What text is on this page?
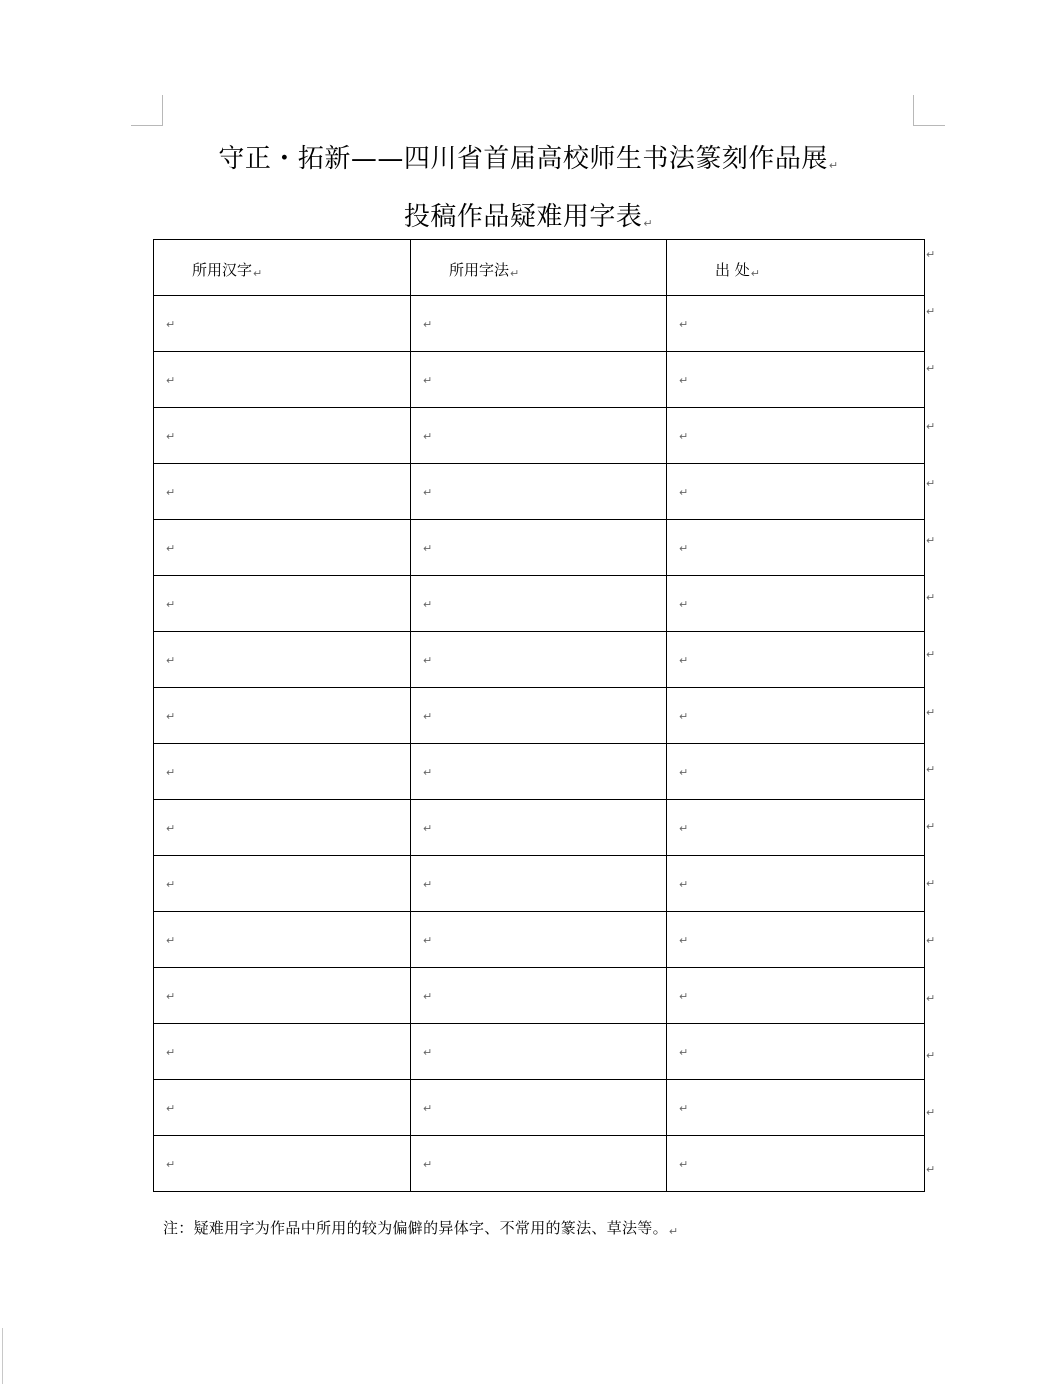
守正・拓新——四川省首届高校师生书法篆刻作品展↵
投稿作品疑难用字表↵
所用汉字↵	所用字法↵	出 处↵

↵	↵	↵

↵	↵	↵

↵	↵	↵

↵	↵	↵

↵	↵	↵

↵	↵	↵

↵	↵	↵

↵	↵	↵

↵	↵	↵

↵	↵	↵

↵	↵	↵

↵	↵	↵

↵	↵	↵

↵	↵	↵

↵	↵	↵

↵	↵	↵
↵
↵
↵
↵
↵
↵
↵
↵
↵
↵
↵
↵
↵
↵
↵
↵
↵
注：疑难用字为作品中所用的较为偏僻的异体字、不常用的篆法、草法等。↵
